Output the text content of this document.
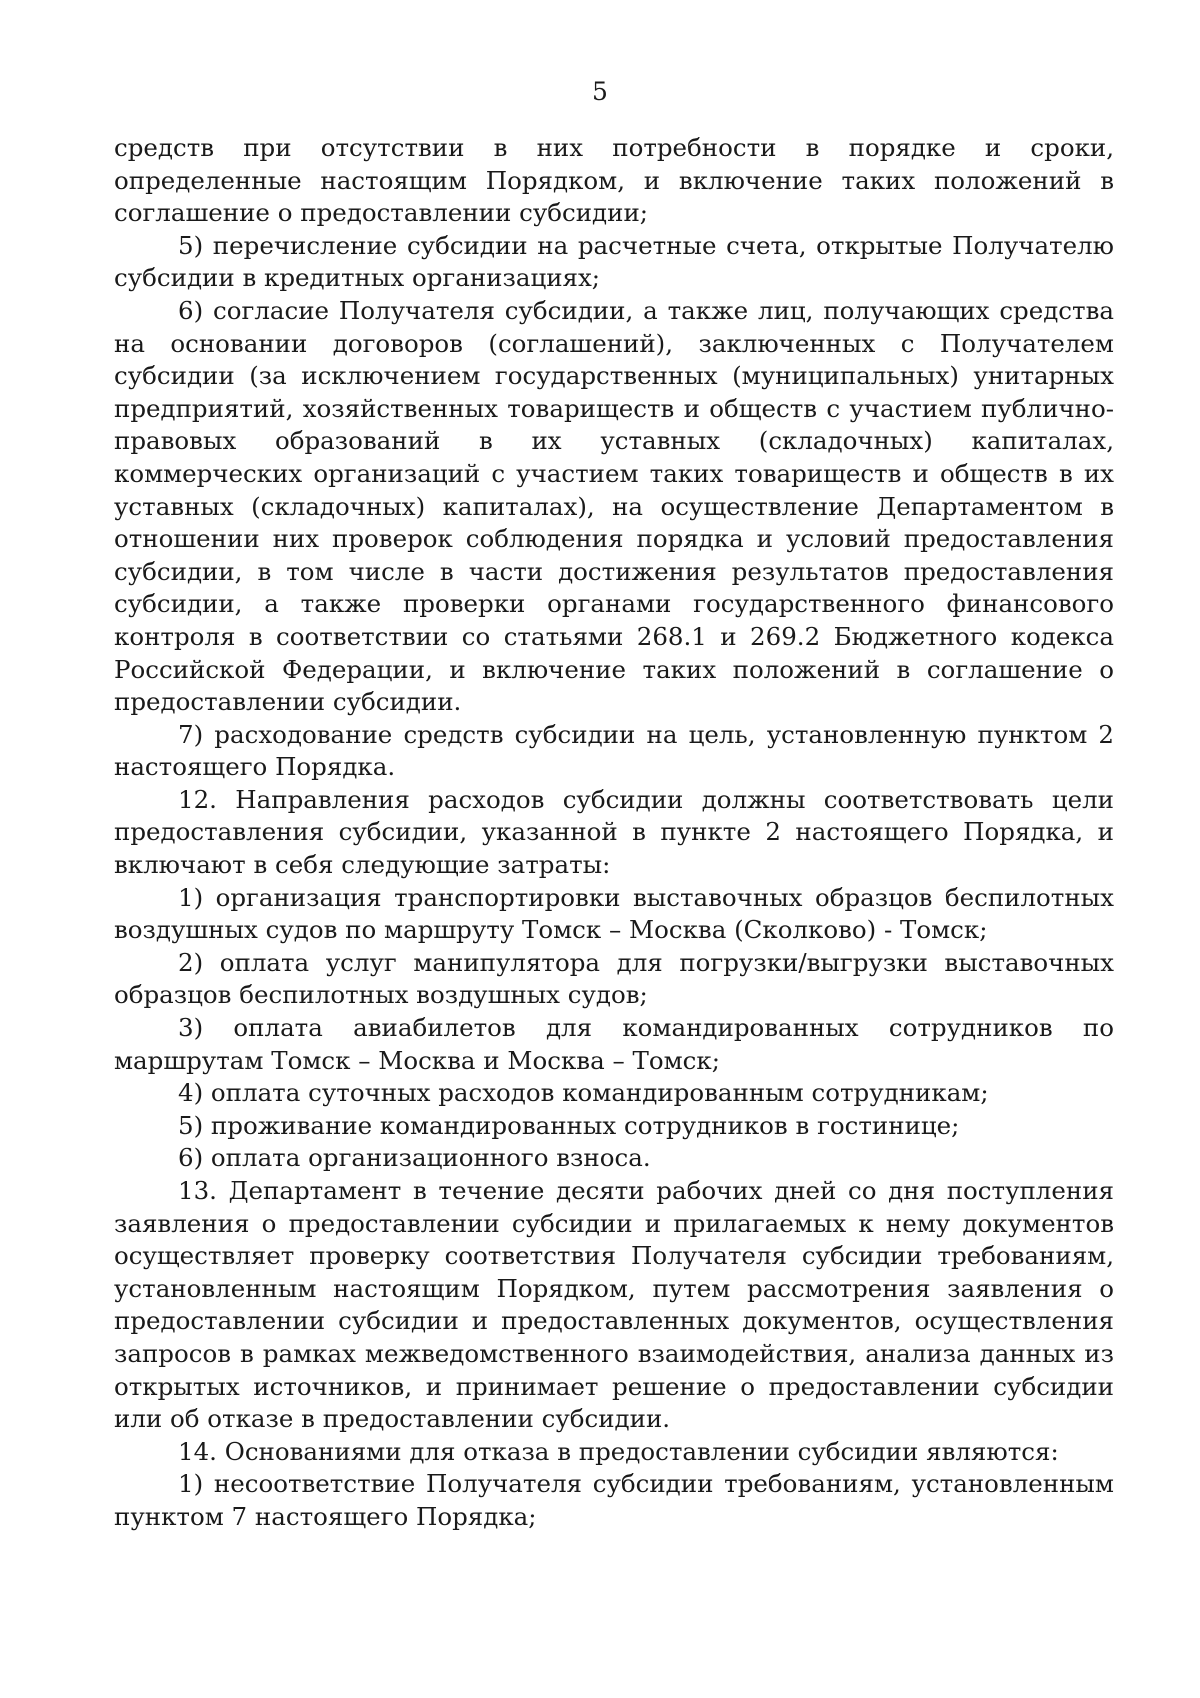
5

средств при отсутствии в них потребности в порядке и сроки, определенные настоящим Порядком, и включение таких положений в соглашение о предоставлении субсидии;

5) перечисление субсидии на расчетные счета, открытые Получателю субсидии в кредитных организациях;

6) согласие Получателя субсидии, а также лиц, получающих средства на основании договоров (соглашений), заключенных с Получателем субсидии (за исключением государственных (муниципальных) унитарных предприятий, хозяйственных товариществ и обществ с участием публично-правовых образований в их уставных (складочных) капиталах, коммерческих организаций с участием таких товариществ и обществ в их уставных (складочных) капиталах), на осуществление Департаментом в отношении них проверок соблюдения порядка и условий предоставления субсидии, в том числе в части достижения результатов предоставления субсидии, а также проверки органами государственного финансового контроля в соответствии со статьями 268.1 и 269.2 Бюджетного кодекса Российской Федерации, и включение таких положений в соглашение о предоставлении субсидии.

7) расходование средств субсидии на цель, установленную пунктом 2 настоящего Порядка.

12. Направления расходов субсидии должны соответствовать цели предоставления субсидии, указанной в пункте 2 настоящего Порядка, и включают в себя следующие затраты:

1) организация транспортировки выставочных образцов беспилотных воздушных судов по маршруту Томск – Москва (Сколково) - Томск;

2) оплата услуг манипулятора для погрузки/выгрузки выставочных образцов беспилотных воздушных судов;

3) оплата авиабилетов для командированных сотрудников по маршрутам Томск – Москва и Москва – Томск;

4) оплата суточных расходов командированным сотрудникам;

5) проживание командированных сотрудников в гостинице;

6) оплата организационного взноса.

13. Департамент в течение десяти рабочих дней со дня поступления заявления о предоставлении субсидии и прилагаемых к нему документов осуществляет проверку соответствия Получателя субсидии требованиям, установленным настоящим Порядком, путем рассмотрения заявления о предоставлении субсидии и предоставленных документов, осуществления запросов в рамках межведомственного взаимодействия, анализа данных из открытых источников, и принимает решение о предоставлении субсидии или об отказе в предоставлении субсидии.

14. Основаниями для отказа в предоставлении субсидии являются:

1) несоответствие Получателя субсидии требованиям, установленным пунктом 7 настоящего Порядка;
